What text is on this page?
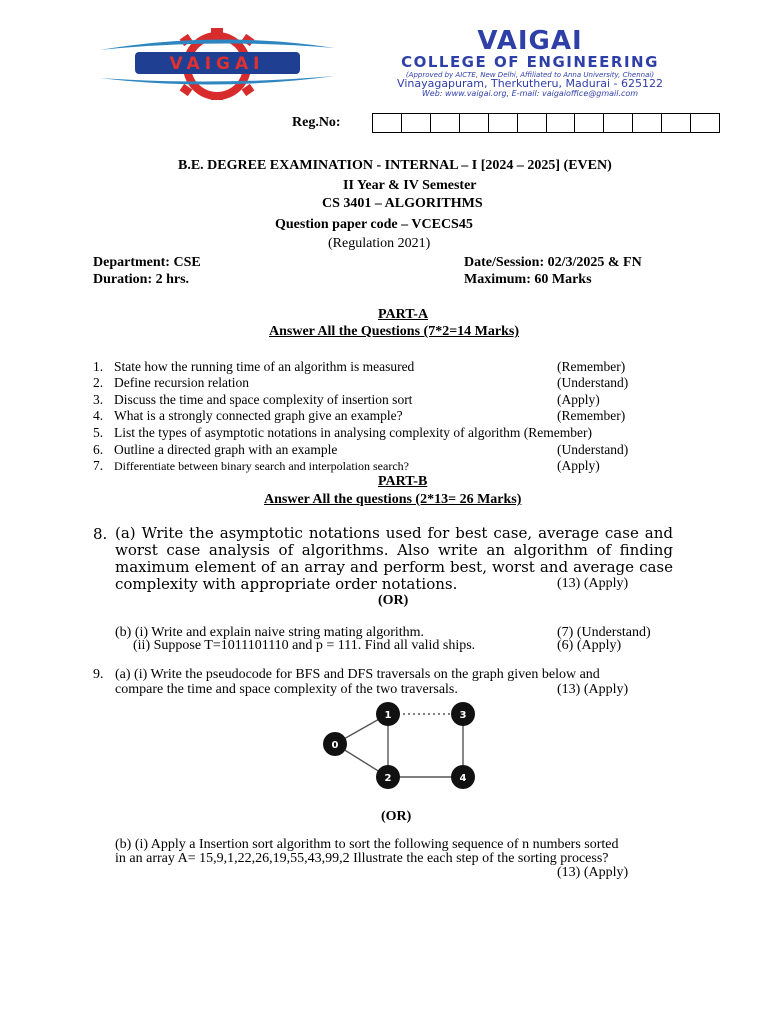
VAIGAI
VAIGAI
COLLEGE OF ENGINEERING
(Approved by AICTE, New Delhi, Affiliated to Anna University, Chennai)
Vinayagapuram, Therkutheru, Madurai - 625122
Web: www.vaigai.org, E-mail: vaigaioffice@gmail.com
Reg.No:
B.E. DEGREE EXAMINATION - INTERNAL – I [2024 – 2025] (EVEN)
II Year & IV Semester
CS 3401 – ALGORITHMS
Question paper code – VCECS45
(Regulation 2021)
Department: CSE
Duration: 2 hrs.
Date/Session: 02/3/2025 & FN
Maximum: 60 Marks
PART-A
Answer All the Questions (7*2=14 Marks)
1. State how the running time of an algorithm is measured	(Remember)
2. Define recursion relation	(Understand)
3. Discuss the time and space complexity of insertion sort	(Apply)
4. What is a strongly connected graph give an example?	(Remember)
5. List the types of asymptotic notations in analysing complexity of algorithm (Remember)
6. Outline a directed graph with an example	(Understand)
7. Differentiate between binary search and interpolation search?	(Apply)
PART-B
Answer All the questions (2*13= 26 Marks)
8. (a) Write the asymptotic notations used for best case, average case and worst case analysis of algorithms. Also write an algorithm of finding maximum element of an array and perform best, worst and average case complexity with appropriate order notations.	(13) (Apply)
(OR)
(b) (i) Write and explain naive string mating algorithm.	(7) (Understand)
(ii) Suppose T=1011101110 and p = 111. Find all valid ships.	(6) (Apply)
9. (a) (i) Write the pseudocode for BFS and DFS traversals on the graph given below and
compare the time and space complexity of the two traversals.	(13) (Apply)
0
1
2
3
4
(OR)
(b) (i) Apply a Insertion sort algorithm to sort the following sequence of n numbers sorted
in an array A= 15,9,1,22,26,19,55,43,99,2 Illustrate the each step of the sorting process?
(13) (Apply)
